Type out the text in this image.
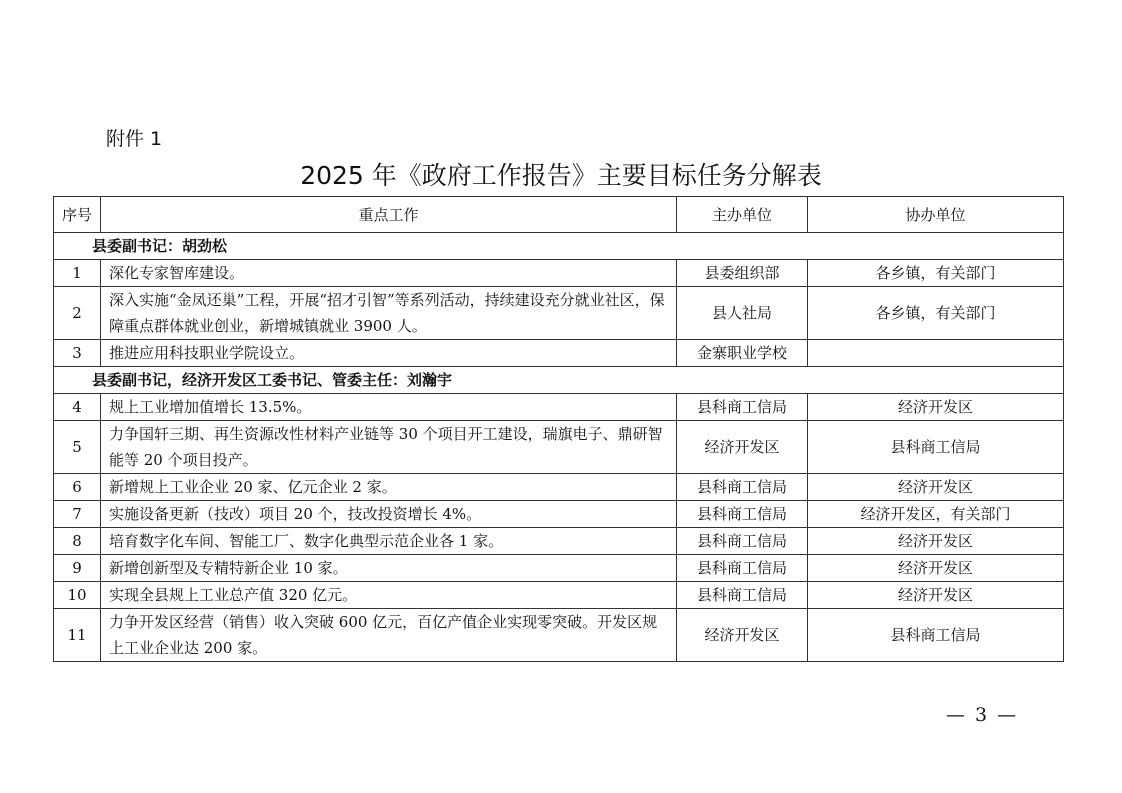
附件 1
2025 年《政府工作报告》主要目标任务分解表
序号	重点工作	主办单位	协办单位
县委副书记：胡劲松			
1	深化专家智库建设。	县委组织部	各乡镇，有关部门
2	深入实施“金凤还巢”工程，开展“招才引智”等系列活动，持续建设充分就业社区，保障重点群体就业创业，新增城镇就业 3900 人。	县人社局	各乡镇，有关部门
3	推进应用科技职业学院设立。	金寨职业学校	
县委副书记，经济开发区工委书记、管委主任：刘瀚宇			
4	规上工业增加值增长 13.5%。	县科商工信局	经济开发区
5	力争国轩三期、再生资源改性材料产业链等 30 个项目开工建设，瑞旗电子、鼎研智能等 20 个项目投产。	经济开发区	县科商工信局
6	新增规上工业企业 20 家、亿元企业 2 家。	县科商工信局	经济开发区
7	实施设备更新（技改）项目 20 个，技改投资增长 4%。	县科商工信局	经济开发区，有关部门
8	培育数字化车间、智能工厂、数字化典型示范企业各 1 家。	县科商工信局	经济开发区
9	新增创新型及专精特新企业 10 家。	县科商工信局	经济开发区
10	实现全县规上工业总产值 320 亿元。	县科商工信局	经济开发区
11	力争开发区经营（销售）收入突破 600 亿元，百亿产值企业实现零突破。开发区规上工业企业达 200 家。	经济开发区	县科商工信局
— 3 —
